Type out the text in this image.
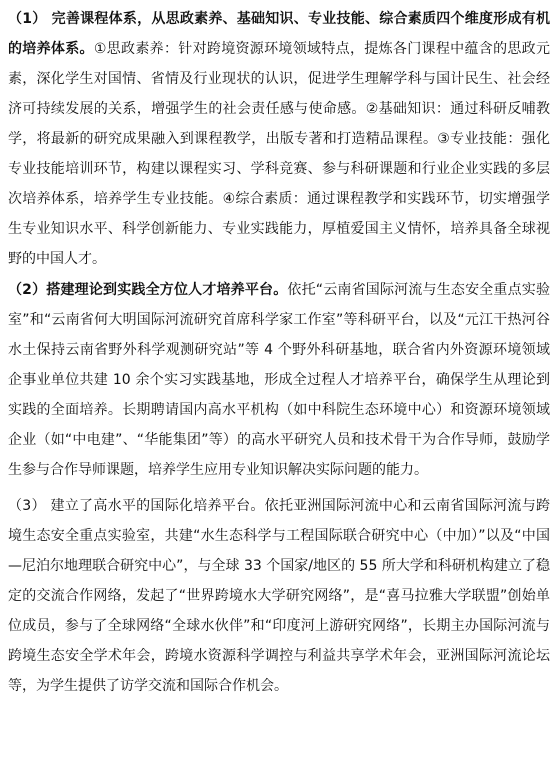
（1） 完善课程体系，从思政素养、基础知识、专业技能、综合素质四个维度形成有机的培养体系。①思政素养：针对跨境资源环境领域特点，提炼各门课程中蕴含的思政元素，深化学生对国情、省情及行业现状的认识，促进学生理解学科与国计民生、社会经济可持续发展的关系，增强学生的社会责任感与使命感。②基础知识：通过科研反哺教学，将最新的研究成果融入到课程教学，出版专著和打造精品课程。③专业技能：强化专业技能培训环节，构建以课程实习、学科竞赛、参与科研课题和行业企业实践的多层次培养体系，培养学生专业技能。④综合素质：通过课程教学和实践环节，切实增强学生专业知识水平、科学创新能力、专业实践能力，厚植爱国主义情怀，培养具备全球视野的中国人才。

（2）搭建理论到实践全方位人才培养平台。依托“云南省国际河流与生态安全重点实验室”和“云南省何大明国际河流研究首席科学家工作室”等科研平台，以及“元江干热河谷水土保持云南省野外科学观测研究站”等 4 个野外科研基地，联合省内外资源环境领域企事业单位共建 10 余个实习实践基地，形成全过程人才培养平台，确保学生从理论到实践的全面培养。长期聘请国内高水平机构（如中科院生态环境中心）和资源环境领域企业（如“中电建”、“华能集团”等）的高水平研究人员和技术骨干为合作导师，鼓励学生参与合作导师课题，培养学生应用专业知识解决实际问题的能力。

（3） 建立了高水平的国际化培养平台。依托亚洲国际河流中心和云南省国际河流与跨境生态安全重点实验室，共建“水生态科学与工程国际联合研究中心（中加）”以及“中国—尼泊尔地理联合研究中心”，与全球 33 个国家/地区的 55 所大学和科研机构建立了稳定的交流合作网络，发起了“世界跨境水大学研究网络”，是“喜马拉雅大学联盟”创始单位成员，参与了全球网络“全球水伙伴”和“印度河上游研究网络”，长期主办国际河流与跨境生态安全学术年会，跨境水资源科学调控与利益共享学术年会，亚洲国际河流论坛等，为学生提供了访学交流和国际合作机会。
